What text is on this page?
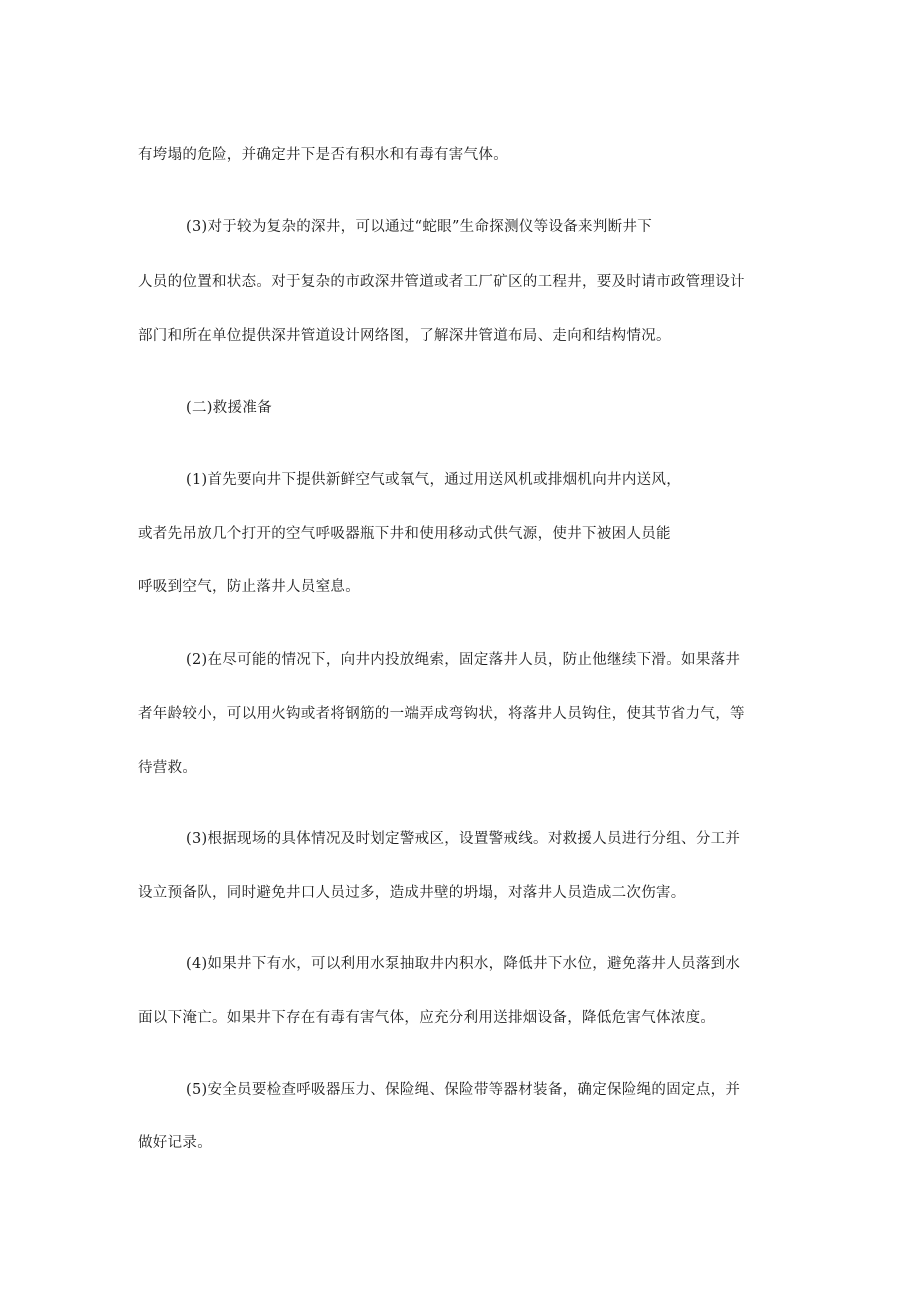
有垮塌的危险，并确定井下是否有积水和有毒有害气体。
(3)对于较为复杂的深井，可以通过“蛇眼”生命探测仪等设备来判断井下
人员的位置和状态。对于复杂的市政深井管道或者工厂矿区的工程井，要及时请市政管理设计
部门和所在单位提供深井管道设计网络图，了解深井管道布局、走向和结构情况。
(二)救援准备
(1)首先要向井下提供新鲜空气或氧气，通过用送风机或排烟机向井内送风，
或者先吊放几个打开的空气呼吸器瓶下井和使用移动式供气源，使井下被困人员能
呼吸到空气，防止落井人员窒息。
(2)在尽可能的情况下，向井内投放绳索，固定落井人员，防止他继续下滑。如果落井
者年龄较小，可以用火钩或者将钢筋的一端弄成弯钩状，将落井人员钩住，使其节省力气，等
待营救。
(3)根据现场的具体情况及时划定警戒区，设置警戒线。对救援人员进行分组、分工并
设立预备队，同时避免井口人员过多，造成井壁的坍塌，对落井人员造成二次伤害。
(4)如果井下有水，可以利用水泵抽取井内积水，降低井下水位，避免落井人员落到水
面以下淹亡。如果井下存在有毒有害气体，应充分利用送排烟设备，降低危害气体浓度。
(5)安全员要检查呼吸器压力、保险绳、保险带等器材装备，确定保险绳的固定点，并
做好记录。
